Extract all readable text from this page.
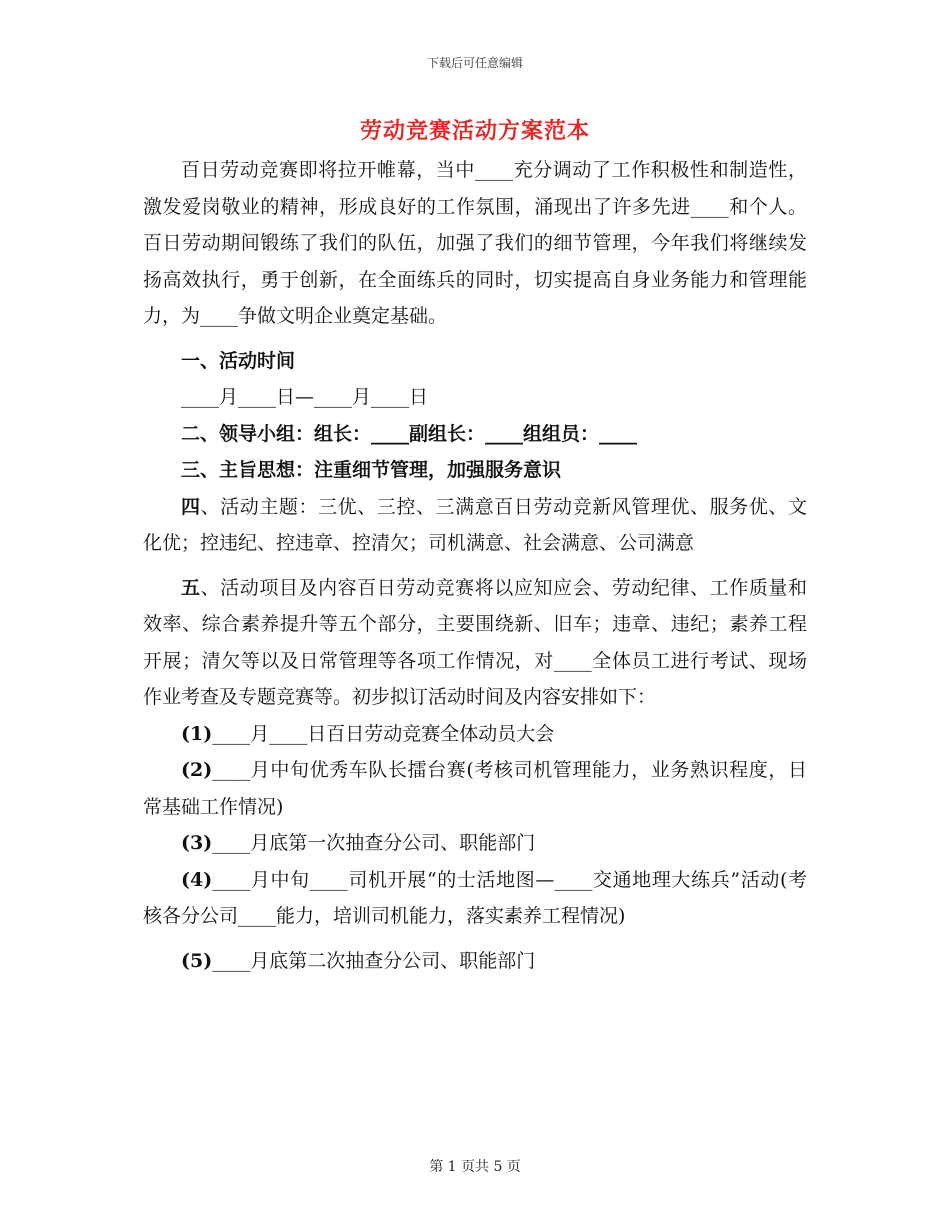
下载后可任意编辑
劳动竞赛活动方案范本

百日劳动竞赛即将拉开帷幕，当中____充分调动了工作积极性和制造性，激发爱岗敬业的精神，形成良好的工作氛围，涌现出了许多先进____和个人。百日劳动期间锻练了我们的队伍，加强了我们的细节管理，今年我们将继续发扬高效执行，勇于创新，在全面练兵的同时，切实提高自身业务能力和管理能力，为____争做文明企业奠定基础。

一、活动时间

____月____日—____月____日

二、领导小组：组长：____副组长：____组组员：____

三、主旨思想：注重细节管理，加强服务意识

四、活动主题：三优、三控、三满意百日劳动竞新风管理优、服务优、文化优；控违纪、控违章、控清欠；司机满意、社会满意、公司满意

五、活动项目及内容百日劳动竞赛将以应知应会、劳动纪律、工作质量和效率、综合素养提升等五个部分，主要围绕新、旧车；违章、违纪；素养工程开展；清欠等以及日常管理等各项工作情况，对____全体员工进行考试、现场作业考查及专题竞赛等。初步拟订活动时间及内容安排如下：

(1)____月____日百日劳动竞赛全体动员大会

(2)____月中旬优秀车队长擂台赛(考核司机管理能力，业务熟识程度，日常基础工作情况)

(3)____月底第一次抽查分公司、职能部门

(4)____月中旬____司机开展“的士活地图—____交通地理大练兵”活动(考核各分公司____能力，培训司机能力，落实素养工程情况)

(5)____月底第二次抽查分公司、职能部门

第 1 页共 5 页
